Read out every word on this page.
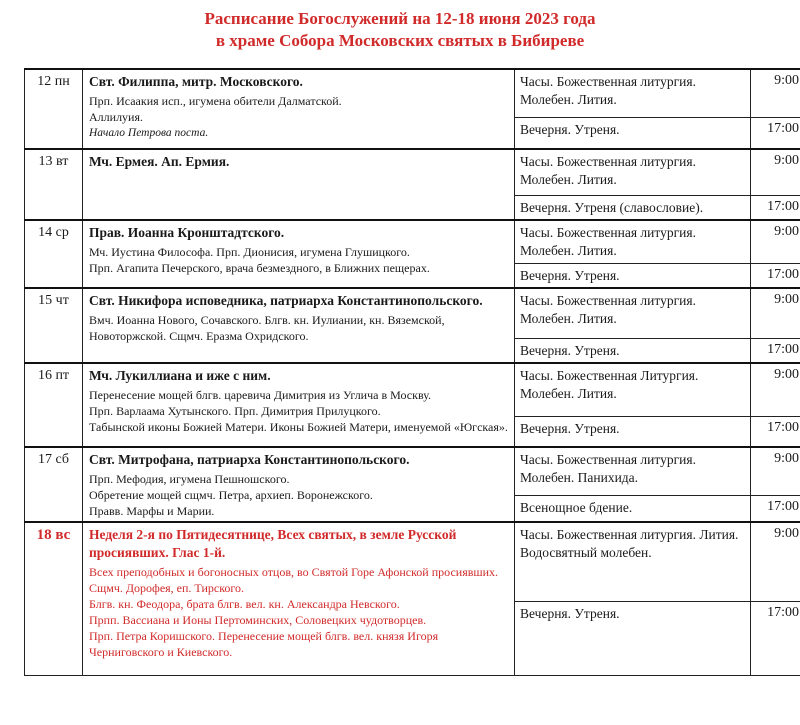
Расписание Богослужений на 12-18 июня 2023 года
в храме Собора Московских святых в Бибиреве
12 пн	Свт. Филиппа, митр. Московского.
Прп. Исаакия исп., игумена обители Далматской.
Аллилуия.
Начало Петрова поста.	Часы. Божественная литургия. Молебен. Лития.	9:00
		Вечерня. Утреня.	17:00
13 вт	Мч. Ермея. Ап. Ермия.	Часы. Божественная литургия. Молебен. Лития.	9:00
		Вечерня. Утреня (славословие).	17:00
14 ср	Прав. Иоанна Кронштадтского.
Мч. Иустина Философа. Прп. Дионисия, игумена Глушицкого.
Прп. Агапита Печерского, врача безмездного, в Ближних пещерах.	Часы. Божественная литургия. Молебен. Лития.	9:00
		Вечерня. Утреня.	17:00
15 чт	Свт. Никифора исповедника, патриарха Константинопольского.
Вмч. Иоанна Нового, Сочавского. Блгв. кн. Иулиании, кн. Вяземской, Новоторжской. Сщмч. Еразма Охридского.	Часы. Божественная литургия. Молебен. Лития.	9:00
		Вечерня. Утреня.	17:00
16 пт	Мч. Лукиллиана и иже с ним.
Перенесение мощей блгв. царевича Димитрия из Углича в Москву.
Прп. Варлаама Хутынского. Прп. Димитрия Прилуцкого.
Табынской иконы Божией Матери. Иконы Божией Матери, именуемой «Югская».	Часы. Божественная Литургия. Молебен. Лития.	9:00
		Вечерня. Утреня.	17:00
17 сб	Свт. Митрофана, патриарха Константинопольского.
Прп. Мефодия, игумена Пешношского.
Обретение мощей сщмч. Петра, архиеп. Воронежского.
Правв. Марфы и Марии.	Часы. Божественная литургия. Молебен. Панихида.	9:00
		Всенощное бдение.	17:00
18 вс	Неделя 2-я по Пятидесятнице, Всех святых, в земле Русской просиявших. Глас 1-й.
Всех преподобных и богоносных отцов, во Святой Горе Афонской просиявших. Сщмч. Дорофея, еп. Тирского.
Блгв. кн. Феодора, брата блгв. вел. кн. Александра Невского.
Прпп. Вассиана и Ионы Пертоминских, Соловецких чудотворцев.
Прп. Петра Коришского. Перенесение мощей блгв. вел. князя Игоря Черниговского и Киевского.	Часы. Божественная литургия. Лития. Водосвятный молебен.	9:00
		Вечерня. Утреня.	17:00
